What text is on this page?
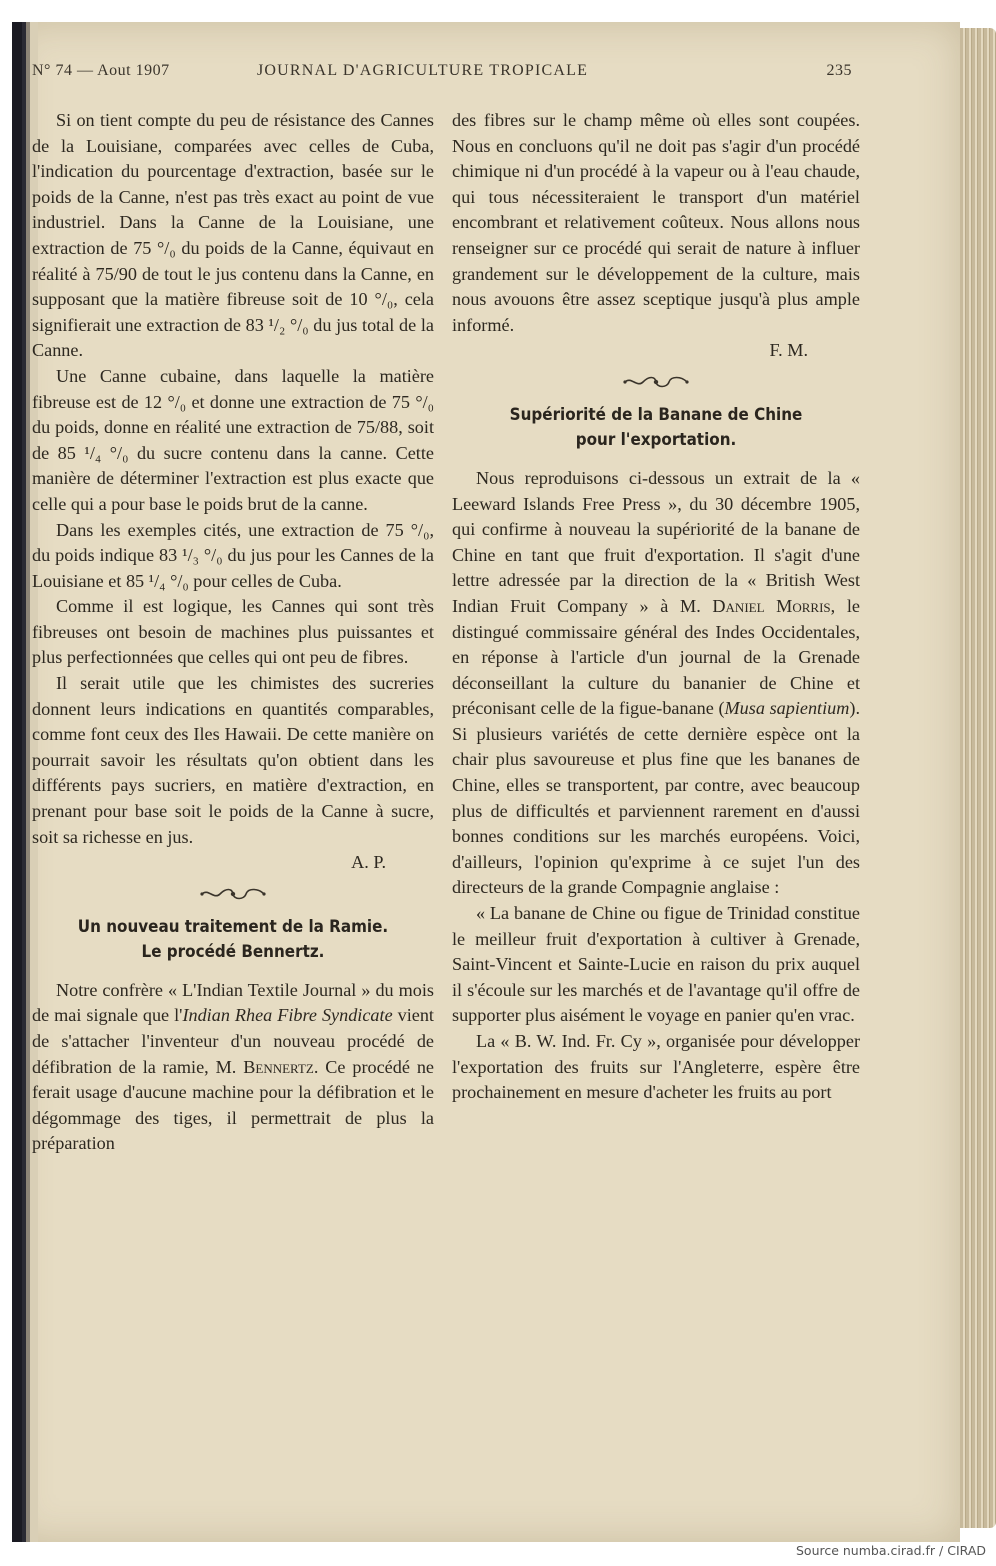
N° 74 — Aout 1907	JOURNAL D'AGRICULTURE TROPICALE	235

Si on tient compte du peu de résistance des Cannes de la Louisiane, comparées avec celles de Cuba, l'indication du pourcentage d'extraction, basée sur le poids de la Canne, n'est pas très exact au point de vue industriel. Dans la Canne de la Louisiane, une extraction de 75 °/₀ du poids de la Canne, équivaut en réalité à 75/90 de tout le jus contenu dans la Canne, en supposant que la matière fibreuse soit de 10 °/₀, cela signifierait une extraction de 83 ¹/₂ °/₀ du jus total de la Canne.

Une Canne cubaine, dans laquelle la matière fibreuse est de 12 °/₀ et donne une extraction de 75 °/₀ du poids, donne en réalité une extraction de 75/88, soit de 85 ¹/₄ °/₀ du sucre contenu dans la canne. Cette manière de déterminer l'extraction est plus exacte que celle qui a pour base le poids brut de la canne.

Dans les exemples cités, une extraction de 75 °/₀, du poids indique 83 ¹/₃ °/₀ du jus pour les Cannes de la Louisiane et 85 ¹/₄ °/₀ pour celles de Cuba.

Comme il est logique, les Cannes qui sont très fibreuses ont besoin de machines plus puissantes et plus perfectionnées que celles qui ont peu de fibres.

Il serait utile que les chimistes des sucreries donnent leurs indications en quantités comparables, comme font ceux des Iles Hawaii. De cette manière on pourrait savoir les résultats qu'on obtient dans les différents pays sucriers, en matière d'extraction, en prenant pour base soit le poids de la Canne à sucre, soit sa richesse en jus.

A. P.

Un nouveau traitement de la Ramie.
Le procédé Bennertz.

Notre confrère « L'Indian Textile Journal » du mois de mai signale que l'Indian Rhea Fibre Syndicate vient de s'attacher l'inventeur d'un nouveau procédé de défibration de la ramie, M. Bennertz. Ce procédé ne ferait usage d'aucune machine pour la défibration et le dégommage des tiges, il permettrait de plus la préparation

des fibres sur le champ même où elles sont coupées. Nous en concluons qu'il ne doit pas s'agir d'un procédé chimique ni d'un procédé à la vapeur ou à l'eau chaude, qui tous nécessiteraient le transport d'un matériel encombrant et relativement coûteux. Nous allons nous renseigner sur ce procédé qui serait de nature à influer grandement sur le développement de la culture, mais nous avouons être assez sceptique jusqu'à plus ample informé.

F. M.

Supériorité de la Banane de Chine
pour l'exportation.

Nous reproduisons ci-dessous un extrait de la « Leeward Islands Free Press », du 30 décembre 1905, qui confirme à nouveau la supériorité de la banane de Chine en tant que fruit d'exportation. Il s'agit d'une lettre adressée par la direction de la « British West Indian Fruit Company » à M. Daniel Morris, le distingué commissaire général des Indes Occidentales, en réponse à l'article d'un journal de la Grenade déconseillant la culture du bananier de Chine et préconisant celle de la figue-banane (Musa sapientium). Si plusieurs variétés de cette dernière espèce ont la chair plus savoureuse et plus fine que les bananes de Chine, elles se transportent, par contre, avec beaucoup plus de difficultés et parviennent rarement en d'aussi bonnes conditions sur les marchés européens. Voici, d'ailleurs, l'opinion qu'exprime à ce sujet l'un des directeurs de la grande Compagnie anglaise :

« La banane de Chine ou figue de Trinidad constitue le meilleur fruit d'exportation à cultiver à Grenade, Saint-Vincent et Sainte-Lucie en raison du prix auquel il s'écoule sur les marchés et de l'avantage qu'il offre de supporter plus aisément le voyage en panier qu'en vrac.

La « B. W. Ind. Fr. Cy », organisée pour développer l'exportation des fruits sur l'Angleterre, espère être prochainement en mesure d'acheter les fruits au port

Source numba.cirad.fr / CIRAD
